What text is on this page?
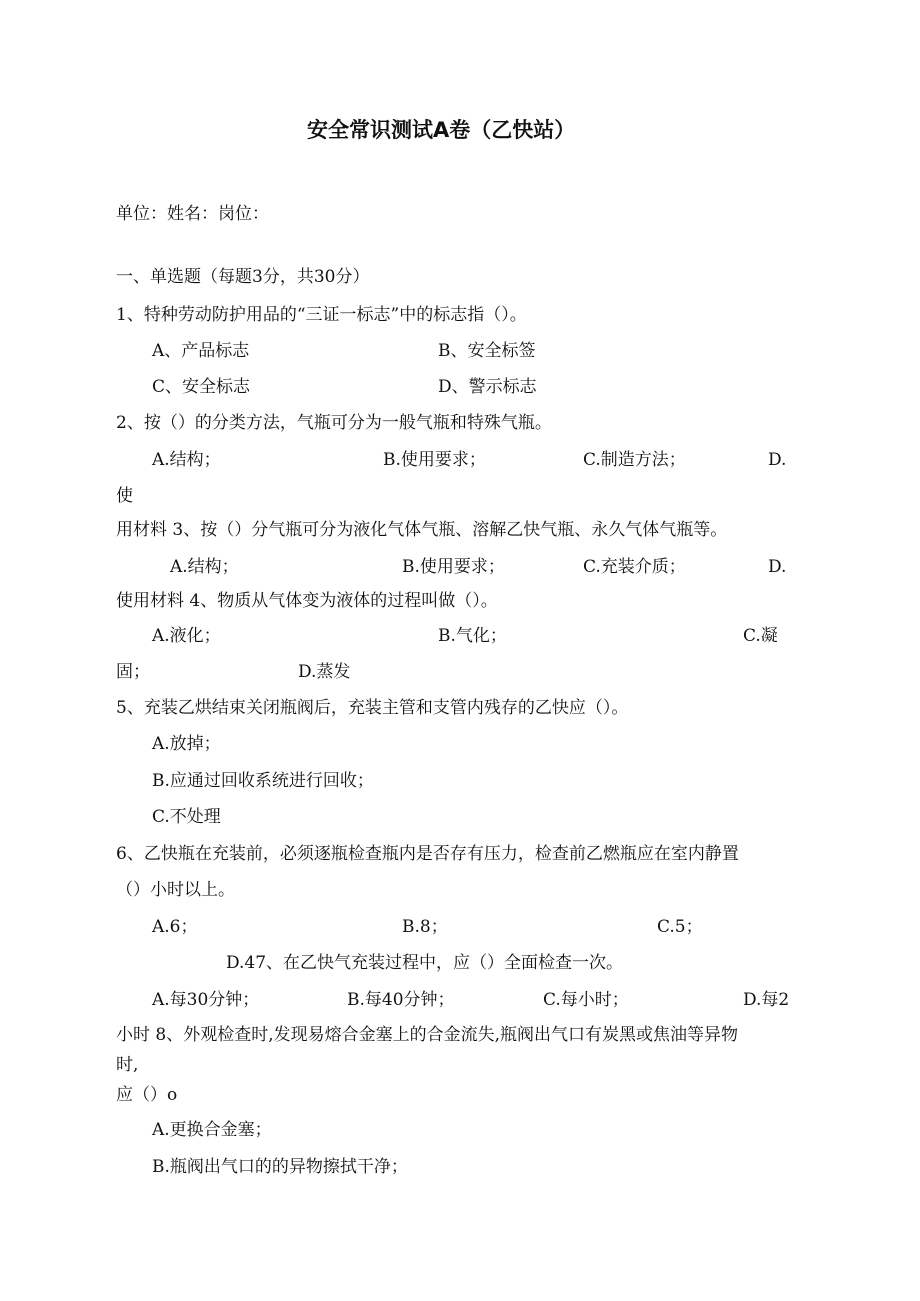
安全常识测试A卷（乙快站）
单位：姓名：岗位：
一、单选题（每题3分，共30分）
1、特种劳动防护用品的“三证一标志”中的标志指（）。
A、产品标志	B、安全标签
C、安全标志	D、警示标志
2、按（）的分类方法，气瓶可分为一般气瓶和特殊气瓶。
A.结构；	B.使用要求；	C.制造方法；	D.
使
用材料 3、按（）分气瓶可分为液化气体气瓶、溶解乙快气瓶、永久气体气瓶等。
A.结构；	B.使用要求；	C.充装介质；	D.
使用材料 4、物质从气体变为液体的过程叫做（）。
A.液化；	B.气化；	C.凝
固；	D.蒸发
5、充装乙烘结束关闭瓶阀后，充装主管和支管内残存的乙快应（）。
A.放掉；
B.应通过回收系统进行回收；
C.不处理
6、乙快瓶在充装前，必须逐瓶检查瓶内是否存有压力，检查前乙燃瓶应在室内静置
（）小时以上。
A.6；	B.8；	C.5；
D.47、在乙快气充装过程中，应（）全面检查一次。
A.每30分钟；	B.每40分钟；	C.每小时；	D.每2
小时 8、外观检查时,发现易熔合金塞上的合金流失,瓶阀出气口有炭黑或焦油等异物
时,
应（）o
A.更换合金塞；
B.瓶阀出气口的的异物擦拭干净；
